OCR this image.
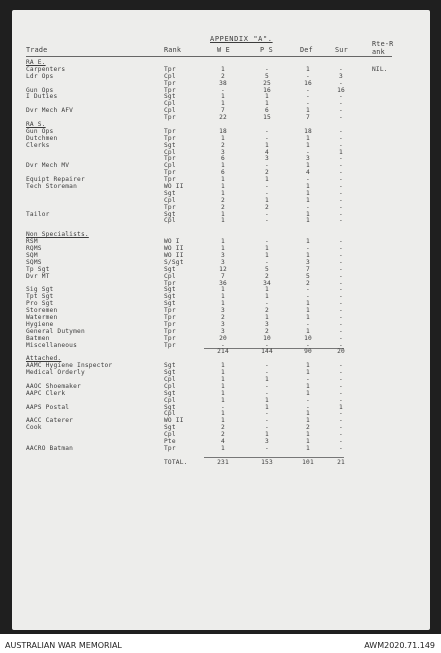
APPENDIX "A".
Trade	Rank	W E	P S	Def	Sur
Rte-Rank
RA E.
Carpenters	Tpr	1	-	1	-	NIL.
Ldr Ops	Cpl	2	5	-	3
Tpr	38	25	16	-
Gun Ops	Tpr	-	16	-	16
I Duties	Sgt	1	1	-	-
Cpl	1	1	-	-
Dvr Mech AFV	Cpl	7	6	1	-
Tpr	22	15	7	-
RA S.
Gun Ops	Tpr	18	-	18	-
Dutchmen	Tpr	1	-	1	-
Clerks	Sgt	2	1	1	-
Cpl	3	4	-	1
Tpr	6	3	3	-
Dvr Mech MV	Cpl	1	-	1	-
Tpr	6	2	4	-
Equipt Repairer	Tpr	1	1	-	-
Tech Storeman	WO II	1	-	1	-
Sgt	1	-	1	-
Cpl	2	1	1	-
Tpr	2	2	-	-
Tailor	Sgt	1	-	1	-
Cpl	1	-	1	-
Non Specialists.
RSM	WO I	1	-	1	-
RQMS	WO II	1	1	-	-
SQM	WO II	3	1	1	-
SQMS	S/Sgt	3	-	3	-
Tp Sgt	Sgt	12	5	7	-
Dvr MT	Cpl	7	2	5	-
Tpr	36	34	2	-
Sig Sgt	Sgt	1	1	-	-
Tpt Sgt	Sgt	1	1	-	-
Pro Sgt	Sgt	1	-	1	-
Storemen	Tpr	3	2	1	-
Watermen	Tpr	2	1	1	-
Hygiene	Tpr	3	3	-	-
General Dutymen	Tpr	3	2	1	-
Batmen	Tpr	20	10	10	-
Miscellaneous	Tpr	-	-	-	-
214	144	90	20
Attached.
AAMC Hygiene Inspector	Sgt	1	-	1	-
Medical Orderly	Sgt	1	-	1	-
Cpl	1	1	-	-
AAOC Shoemaker	Cpl	1	-	1	-
AAPC Clerk	Sgt	1	-	1	-
Cpl	1	1	-	-
AAPS Postal	Sgt	-	1	-	1
Cpl	1	-	1	-
AACC Caterer	WO II	1	-	1	-
Cook	Sgt	2	-	2	-
Cpl	2	1	1	-
Pte	4	3	1	-
AACRO Batman	Tpr	1	-	1	-
TOTAL.	231	153	101	21
AUSTRALIAN WAR MEMORIAL	AWM2020.71.149
